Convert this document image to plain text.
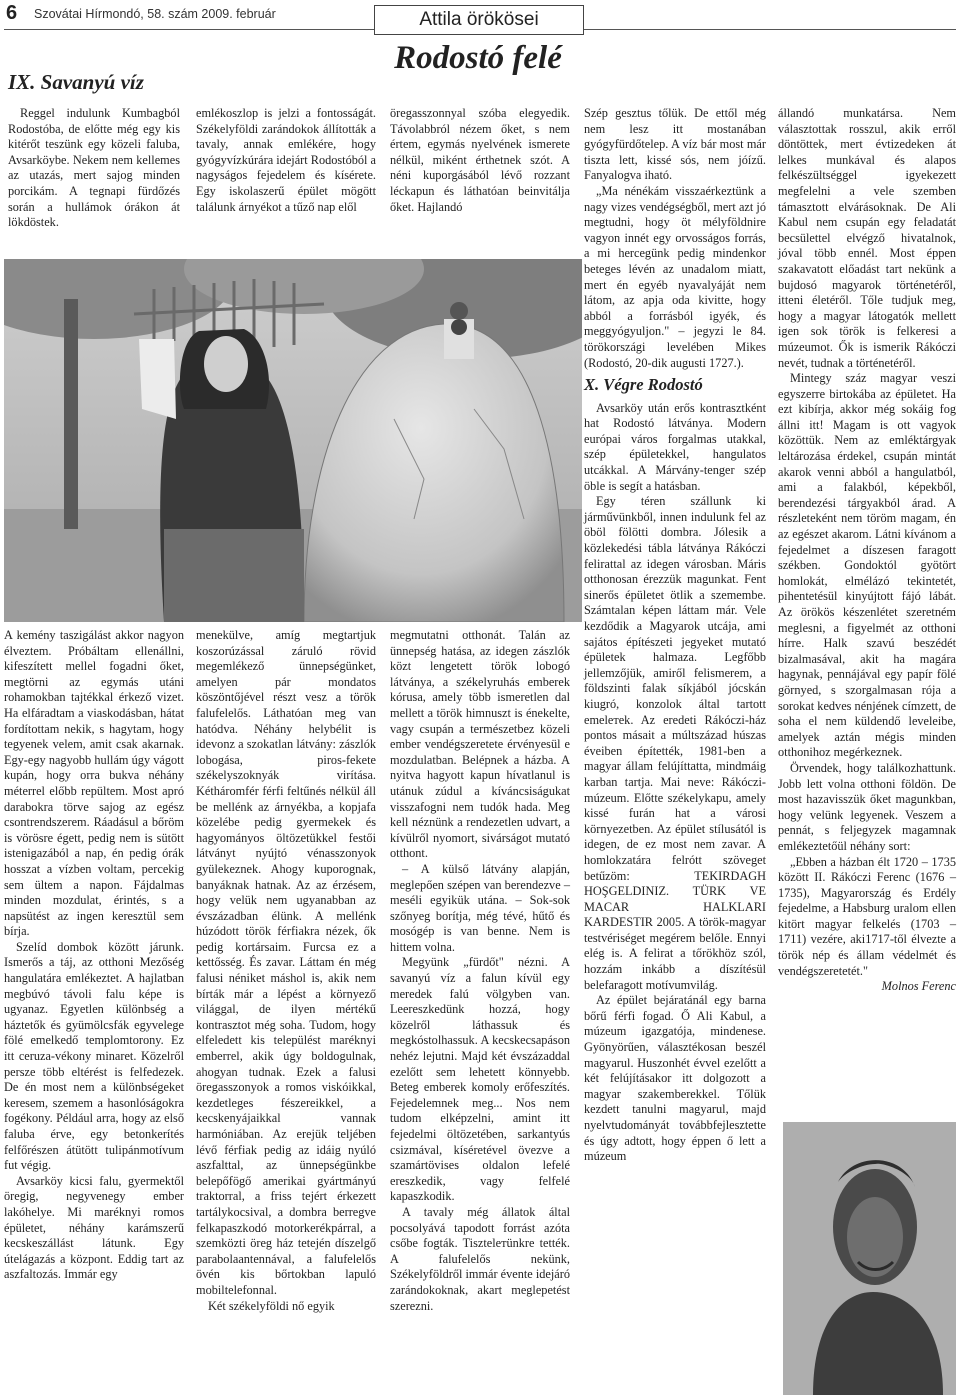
6 Szovátai Hírmondó, 58. szám 2009. február	Attila örökösei
Rodostó felé
IX. Savanyú víz

Reggel indulunk Kumbagból Rodostóba, de előtte még egy kis kitérőt teszünk egy közeli faluba, Avsarköybe. Nekem nem kellemes az utazás, mert sajog minden porcikám. A tegnapi fürdőzés során a hullámok órákon át lökdöstek.

emlékoszlop is jelzi a fontosságát. Székelyföldi zarándokok állították a tavaly, annak emlékére, hogy gyógyvízkúrára idejárt Rodostóból a nagyságos fejedelem és kísérete. Egy iskolaszerű épület mögött találunk árnyékot a tűző nap elől

öregasszonnyal szóba elegyedik. Távolabbról nézem őket, s nem értem, egymás nyelvének ismerete nélkül, miként érthetnek szót. A néni kuporgásából lévő rozzant léckapun és láthatóan beinvitálja őket. Hajlandó

A kemény taszigálást akkor nagyon élveztem. Próbáltam ellenállni, kifeszített mellel fogadni őket, megtörni az egymás utáni rohamokban tajtékkal érkező vizet. Ha elfáradtam a viaskodásban, hátat fordítottam nekik, s hagytam, hogy tegyenek velem, amit csak akarnak. Egy-egy nagyobb hullám úgy vágott kupán, hogy orra bukva néhány méterrel előbb repültem. Most apró darabokra törve sajog az egész csontrendszerem. Ráadásul a bőröm is vörösre égett, pedig nem is sütött istenigazából a nap, én pedig órák hosszat a vízben voltam, percekig sem ültem a napon. Fájdalmas minden mozdulat, érintés, s a napsütést az ingen keresztül sem bírja.

Szelíd dombok között járunk. Ismerős a táj, az otthoni Mezőség hangulatára emlékeztet. A hajlatban megbúvó távoli falu képe is ugyanaz. Egyetlen különbség a háztetők és gyümölcsfák egyvelege fölé emelkedő templomtorony. Ez itt ceruza-vékony minaret. Közelről persze több eltérést is felfedezek. De én most nem a különbségeket keresem, szemem a hasonlóságokra fogékony. Például arra, hogy az első faluba érve, egy betonkerítés felfőrészen átütött tulipánmotívum fut végig.

Avsarköy kicsi falu, gyermektől öregig, negyvenegy ember lakóhelye. Mi maréknyi romos épületet, néhány karámszerű kecskeszállást látunk. Egy útelágazás a központ. Eddig tart az aszfaltozás. Immár egy

menekülve, amíg megtartjuk koszorúzással záruló rövid megemlékező ünnepségünket, amelyen pár mondatos köszöntőjével részt vesz a török falufelelős. Láthatóan meg van hatódva. Néhány helybélit is idevonz a szokatlan látvány: zászlók lobogása, piros-fekete székelyszoknyák virítása. Kétháromfér férfi feltűnés nélkül áll be mellénk az árnyékba, a kopjafa közelébe pedig gyermekek és hagyományos öltözetükkel festői látványt nyújtó vénasszonyok gyülekeznek. Ahogy kuporognak, banyáknak hatnak. Az az érzésem, hogy velük nem ugyanabban az évszázadban élünk. A mellénk húzódott török férfiakra nézek, ők pedig kortársaim. Furcsa ez a kettősség. És zavar. Láttam én még falusi néniket máshol is, akik nem bírták már a lépést a környező világgal, de ilyen mértékű kontrasztot még soha. Tudom, hogy elfeledett kis települést maréknyi emberrel, akik úgy boldogulnak, ahogyan tudnak. Ezek a falusi öregasszonyok a romos viskóikkal, kezdetleges fészereikkel, a kecskenyájaikkal vannak harmóniában. Az erejük teljében lévő férfiak pedig az idáig nyúló aszfalttal, az ünnepségünkbe belepőfögő amerikai gyártmányú traktorral, a friss tejért érkezett tartálykocsival, a dombra berregve felkapaszkodó motorkerékpárral, a szemközti öreg ház tetején díszelgő parabolaantennával, a falufelelős övén kis bőrtokban lapuló mobiltelefonnal.

Két székelyföldi nő egyik

megmutatni otthonát. Talán az ünnepség hatása, az idegen zászlók közt lengetett török lobogó látványa, a székelyruhás emberek kórusa, amely több ismeretlen dal mellett a török himnuszt is énekelte, vagy csupán a természetbez közeli ember vendégszeretete érvényesül e mozdulatban. Belépnek a házba. A nyitva hagyott kapun hívatlanul is utánuk zúdul a kíváncsiságukat visszafogni nem tudók hada. Meg kell néznünk a rendezetlen udvart, a kívülről nyomort, sivárságot mutató otthont.

– A külső látvány alapján, meglepően szépen van berendezve – meséli egyikük utána. – Sok-sok szőnyeg borítja, még tévé, hűtő és mosógép is van benne. Nem is hittem volna.

Megyünk „fürdőt" nézni. A savanyú víz a falun kívül egy meredek falú völgyben van. Leereszkedünk hozzá, hogy közelről láthassuk és megkóstolhassuk. A kecskecsapáson nehéz lejutni. Majd két évszázaddal ezelőtt sem lehetett könnyebb. Beteg emberek komoly erőfeszítés. Fejedelemnek meg... Nos nem tudom elképzelni, amint itt fejedelmi öltözetében, sarkantyús csizmával, kíséretével övezve a szamártövises oldalon lefelé ereszkedik, vagy felfelé kapaszkodik.

A tavaly még állatok által pocsolyává tapodott forrást azóta csőbe fogták. Tisztelетünkre tették. A falufelelős nekünk, Székelyföldről immár évente idejáró zarándokoknak, akart meglepetést szerezni.

Szép gesztus tőlük. De ettől még nem lesz itt mostanában gyógyfürdőtelep. A víz bár most már tiszta lett, kissé sós, nem jóízű. Fanyalogva iható.

„Ma nénékám visszaérkeztünk a nagy vizes vendégségből, mert azt jó megtudni, hogy öt mélyföldnire vagyon innét egy orvosságos forrás, a mi hercegünk pedig mindenkor beteges lévén az unadalom miatt, mert én egyéb nyavalyáját nem látom, az apja oda kivitte, hogy abból a forrásból igyék, és meggyógyuljon." – jegyzi le 84. törökországi levelében Mikes (Rodostó, 20-dik augusti 1727.).

X. Végre Rodostó

Avsarköy után erős kontrasztként hat Rodostó látványa. Modern európai város forgalmas utakkal, szép épületekkel, hangulatos utcákkal. A Márvány-tenger szép öble is segít a hatásban.

Egy téren szállunk ki járművünkből, innen indulunk fel az öböl fölötti dombra. Jólesik a közlekedési tábla látványa Rákóczi felirattal az idegen városban. Máris otthonosan érezzük magunkat. Fent sinerős épületet ötlik a szemembe. Számtalan képen láttam már. Vele kezdődik a Magyarok utcája, ami sajátos építészeti jegyeket mutató épületek halmaza. Legfőbb jellemzőjük, amiről felismerem, a földszinti falak síkjából jócskán kiugró, konzolok által tartott emelетek. Az eredeti Rákóczi-ház pontos másait a múltszázad húszas éveiben építették, 1981-ben a magyar állam felújíttatta, mindmáig karban tartja. Mai neve: Rákóczi-múzeum. Előtte székelykapu, amely kissé furán hat a városi környezetben. Az épület stílusától is idegen, de ez most nem zavar. A homlokzatára felrótt szöveget betűzöm: TEKIRDAGH HOŞGELDINIZ. TÜRK VE MACAR HALKLARI KARDESTIR 2005. A török-magyar testvériséget megérem belőle. Ennyi elég is. A felirat a tőrökhöz szól, hozzám inkább a díszítésül belefaragott motívumvilág.

Az épület bejáratánál egy barna bőrű férfi fogad. Ő Ali Kabul, a múzeum igazgatója, mindenese. Gyönyörűen, választékosan beszél magyarul. Huszonhét évvel ezelőtt a két felújításakor itt dolgozott a magyar szakemberekkel. Tőlük kezdett tanulni magyarul, majd nyelvtudományát továbbfejlesztette és úgy adtott, hogy éppen ő lett a múzeum

állandó munkatársa. Nem választottak rosszul, akik erről döntöttek, mert évtizedeken át lelkes munkával és alapos felkészültséggel igyekezett megfelelni a vele szemben támasztott elvárásoknak. De Ali Kabul nem csupán egy feladatát becsülettel elvégző hivatalnok, jóval több ennél. Most éppen szakavatott előadást tart nekünk a bujdosó magyarok történetéről, itteni életéről. Tőle tudjuk meg, hogy a magyar látogatók mellett igen sok török is felkeresi a múzeumot. Ők is ismerik Rákóczi nevét, tudnak a történetéről.

Mintegy száz magyar veszi egyszerre birtokába az épületet. Ha ezt kibírja, akkor még sokáig fog állni itt! Magam is ott vagyok közöttük. Nem az emléktárgyak leltározása érdekel, csupán mintát akarok venni abból a hangulatból, ami a falakból, képekből, berendezési tárgyakból árad. A részleteként nem töröm magam, én az egészet akarom. Látni kívánom a fejedelmet a díszesen faragott székben. Gondoktól gyötört homlokát, elmélázó tekintetét, pihentetésül kinyújtott fájó lábát. Az örökös készenlétet szeretném meglesni, a figyelmét az otthoni hírre. Halk szavú beszédét bizalmasával, akit ha magára hagynak, pennájával egy papír fölé görnyed, s szorgalmasan rója a sorokat kedves nénjének címzett, de soha el nem küldendő leveleibe, amelyek aztán mégis minden otthonihoz megérkeznek.

Örvendek, hogy találkozhattunk. Jobb lett volna otthoni földön. De most hazavisszük őket magunkban, hogy velünk legyenek. Veszem a pennát, s feljegyzek magamnak emlékeztetőül néhány sort:

„Ebben a házban élt 1720 – 1735 között II. Rákóczi Ferenc (1676 – 1735), Magyarország és Erdély fejedelme, a Habsburg uralom ellen kitört magyar felkelés (1703 – 1711) vezére, aki1717-től élvezte a török nép és állam védelmét és vendégszeretetét."

Molnos Ferenc
